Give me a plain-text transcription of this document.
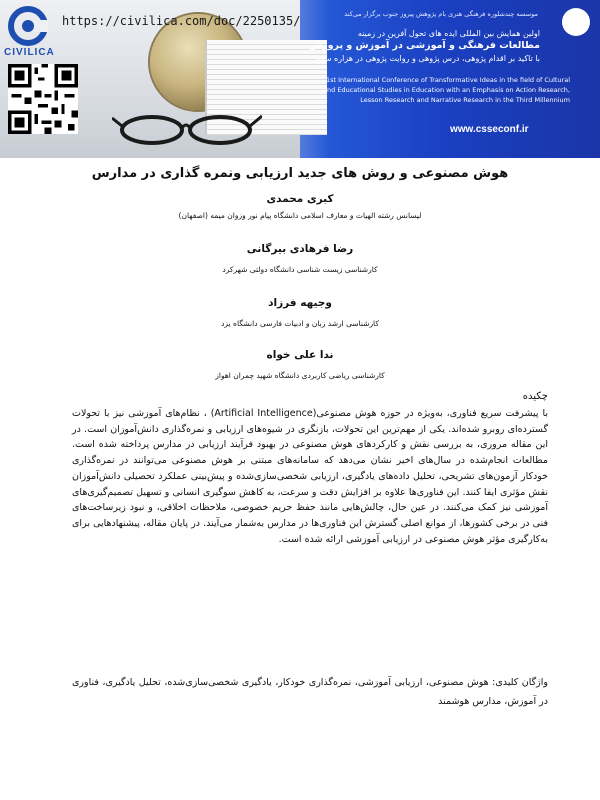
CIVILICA
https://civilica.com/doc/2250135/	موسسه چندشلوره فرهنگی هنری بام پژوهش پیروز جنوب برگزار می‌کند
اولین همایش بین المللی ایده های تحول آفرین در زمینه
مطالعات فرهنگی و آموزشی در آموزش و پرورش
با تاکید بر اقدام پژوهی، درس پژوهی و روایت پژوهی در هزاره سوم
1st International Conference of Transformative Ideas in the field of Cultural
and Educational Studies in Education with an Emphasis on Action Research,
Lesson Research and Narrative Research in the Third Millennium
www.csseconf.ir
هوش مصنوعی و روش های جدید ارزیابی ونمره گذاری در مدارس
کبری محمدی
لیسانس رشته الهیات و معارف اسلامی دانشگاه پیام نور وزوان میمه (اصفهان)
رضا فرهادی بیرگانی
کارشناسی زیست شناسی دانشگاه دولتی شهرکرد
وجیهه فرزاد
کارشناسی ارشد زبان و ادبیات فارسی دانشگاه یزد
ندا علی خواه
کارشناسی ریاضی کاربردی دانشگاه شهید چمران اهواز
چکیده
با پیشرفت سریع فناوری، به‌ویژه در حوزه هوش مصنوعی(Artificial Intelligence) ، نظام‌های آموزشی نیز با تحولات گسترده‌ای روبرو شده‌اند. یکی از مهم‌ترین این تحولات، بازنگری در شیوه‌های ارزیابی و نمره‌گذاری دانش‌آموزان است. در این مقاله مروری، به بررسی نقش و کارکردهای هوش مصنوعی در بهبود فرآیند ارزیابی در مدارس پرداخته شده است. مطالعات انجام‌شده در سال‌های اخیر نشان می‌دهد که سامانه‌های مبتنی بر هوش مصنوعی می‌توانند در نمره‌گذاری خودکار آزمون‌های تشریحی، تحلیل داده‌های یادگیری، ارزیابی شخصی‌سازی‌شده و پیش‌بینی عملکرد تحصیلی دانش‌آموزان نقش مؤثری ایفا کنند. این فناوری‌ها علاوه بر افزایش دقت و سرعت، به کاهش سوگیری انسانی و تسهیل تصمیم‌گیری‌های آموزشی نیز کمک می‌کنند. در عین حال، چالش‌هایی مانند حفظ حریم خصوصی، ملاحظات اخلاقی، و نبود زیرساخت‌های فنی در برخی کشورها، از موانع اصلی گسترش این فناوری‌ها در مدارس به‌شمار می‌آیند. در پایان مقاله، پیشنهادهایی برای به‌کارگیری مؤثر هوش مصنوعی در ارزیابی آموزشی ارائه شده است.
واژگان کلیدی: هوش مصنوعی، ارزیابی آموزشی، نمره‌گذاری خودکار، یادگیری شخصی‌سازی‌شده، تحلیل یادگیری، فناوری در آموزش، مدارس هوشمند
